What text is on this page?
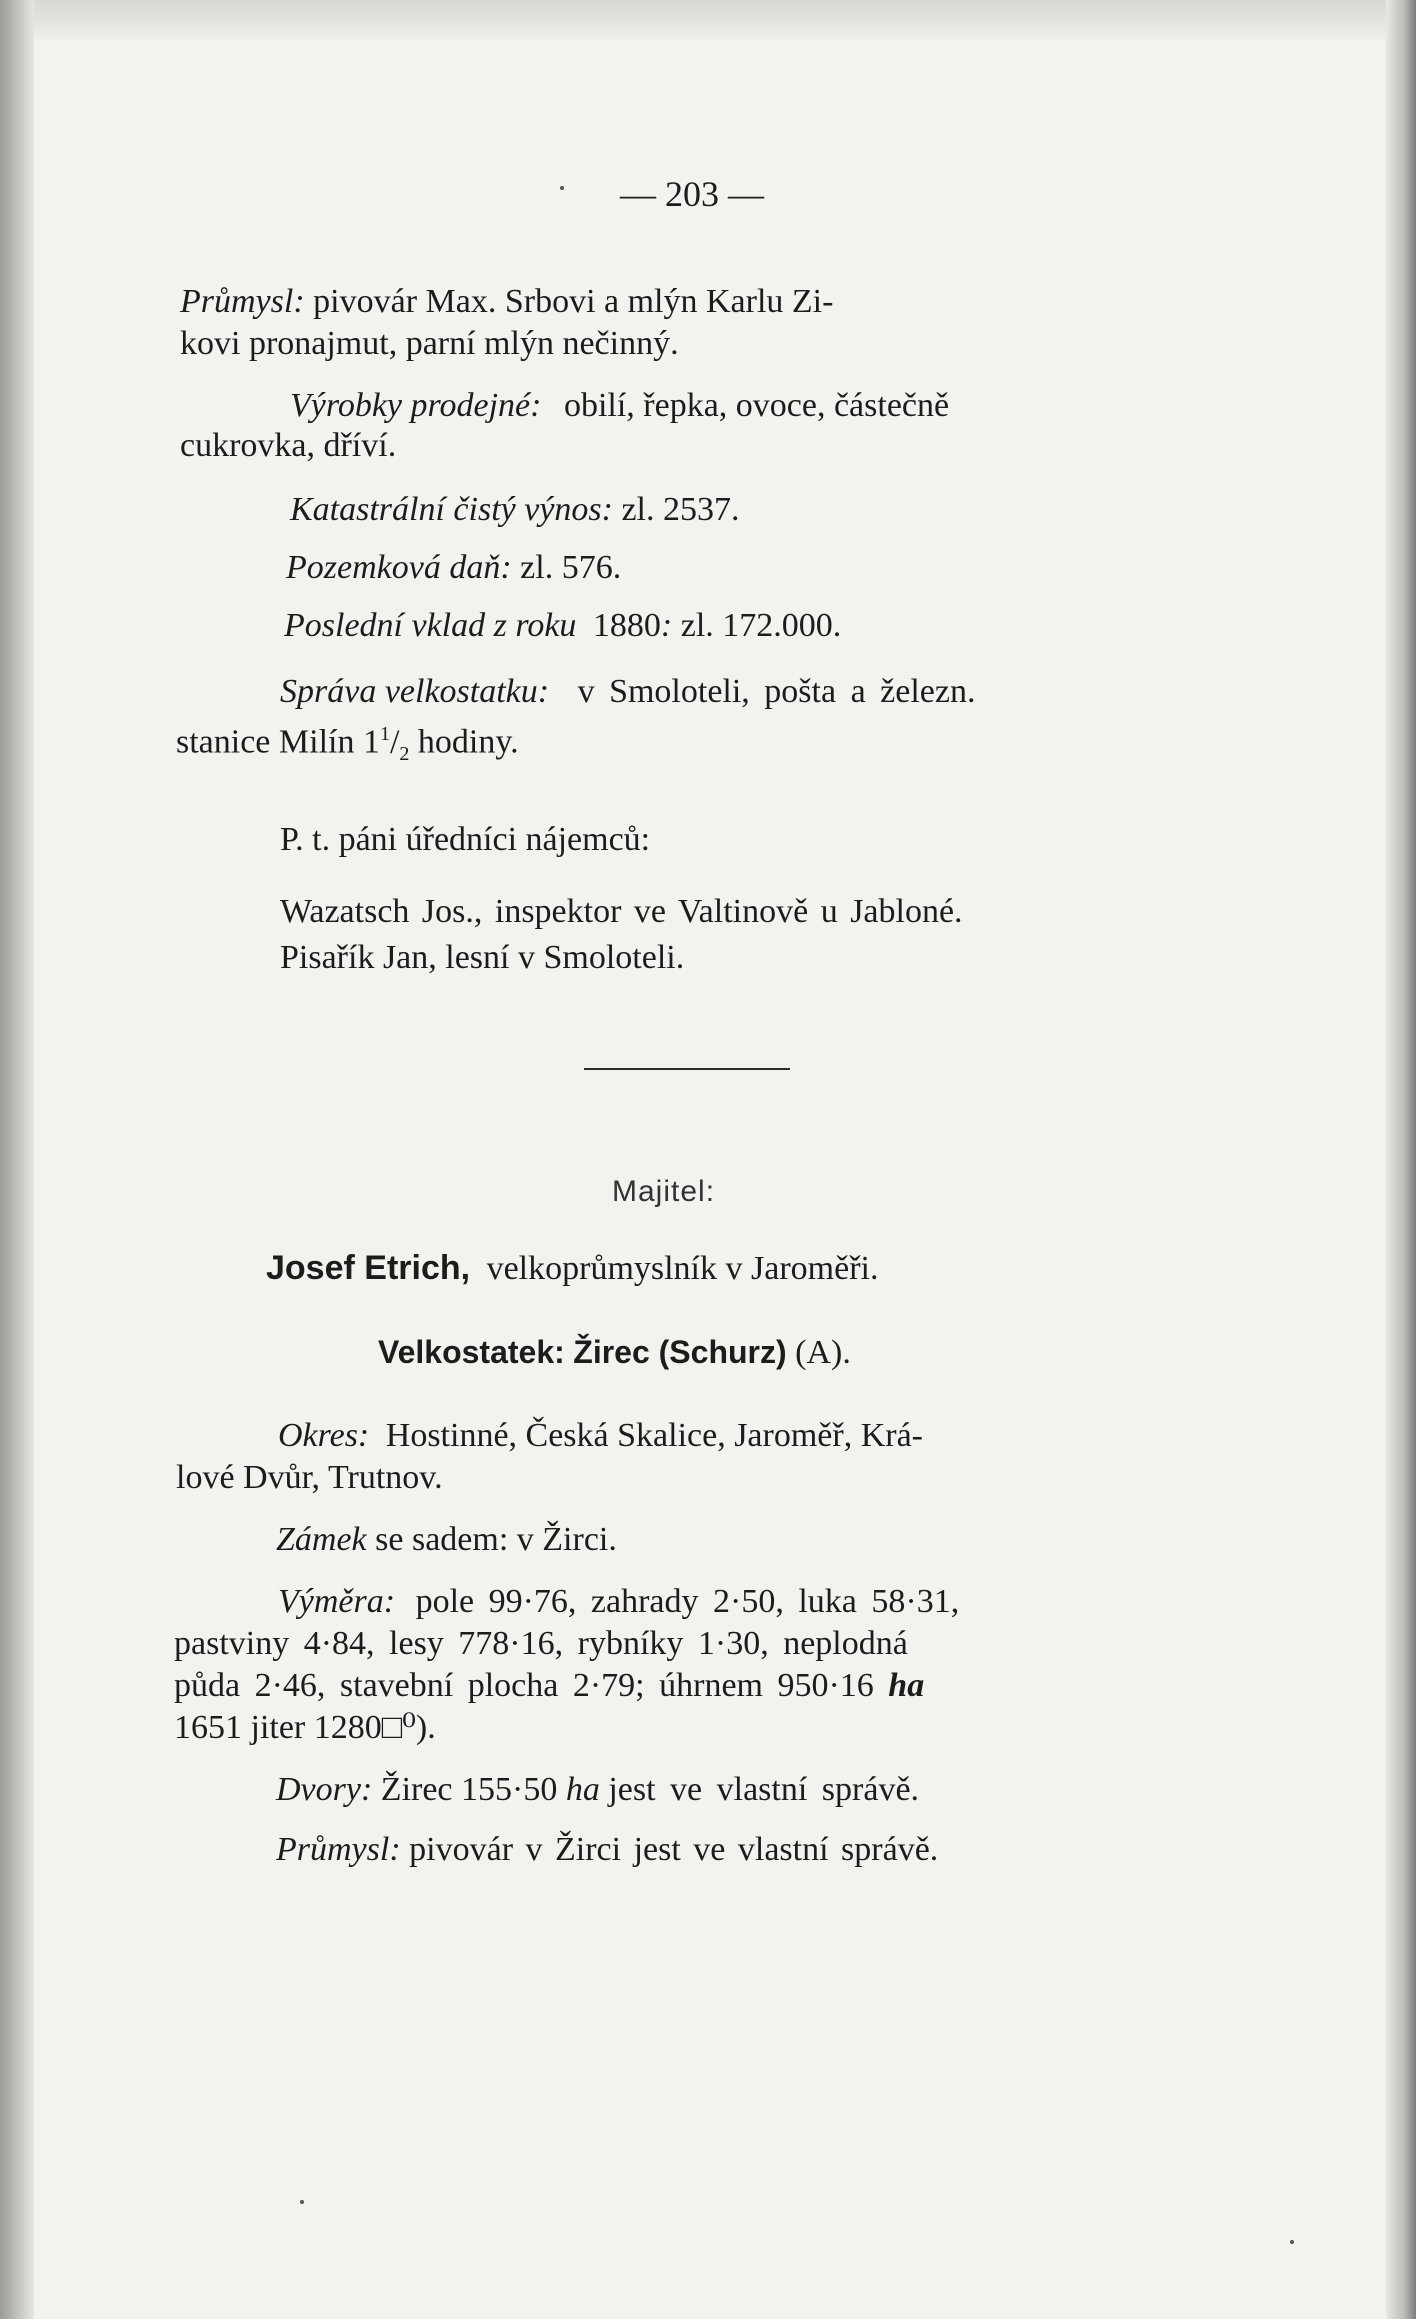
— 203 —
Průmysl: pivovár Max. Srbovi a mlýn Karlu Zi-
kovi pronajmut, parní mlýn nečinný.
Výrobky prodejné: obilí, řepka, ovoce, částečně
cukrovka, dříví.
Katastrální čistý výnos: zl. 2537.
Pozemková daň: zl. 576.
Poslední vklad z roku 1880: zl. 172.000.
Správa velkostatku: v Smoloteli, pošta a železn.
stanice Milín $1^1/_2$ hodiny.
P. t. páni úředníci nájemců:
Wazatsch Jos., inspektor ve Valtinově u Jabloné.
Pisařík Jan, lesní v Smoloteli.
Majitel:
Josef Etrich, velkoprůmyslník v Jaroměři.
Velkostatek: Žirec (Schurz) (A).
Okres: Hostinné, Česká Skalice, Jaroměř, Krá-
lové Dvůr, Trutnov.
Zámek se sadem: v Žirci.
Výměra: pole 99·76, zahrady 2·50, luka 58·31,
pastviny 4·84, lesy 778·16, rybníky 1·30, neplodná
půda 2·46, stavební plocha 2·79; úhrnem 950·16 ha
1651 jiter 1280□⁰).
Dvory: Žirec 155·50 ha jest ve vlastní správě.
Průmysl: pivovár v Žirci jest ve vlastní správě.
